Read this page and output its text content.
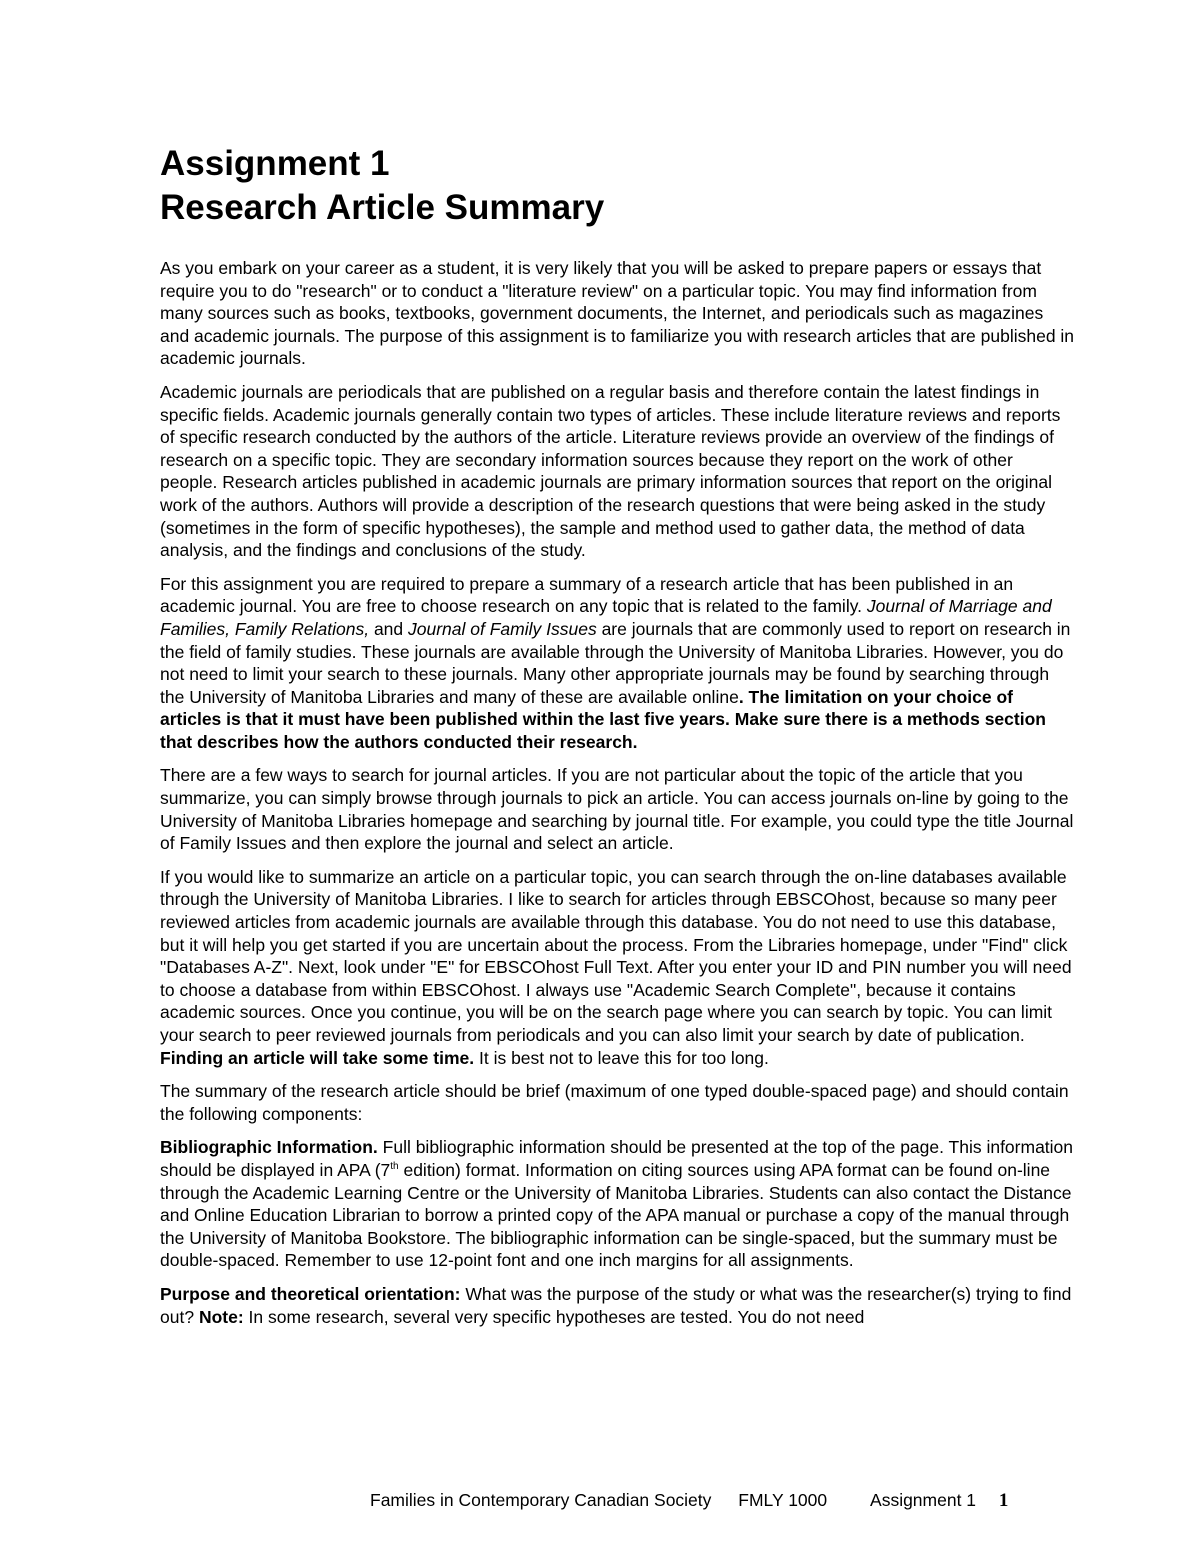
Assignment 1
Research Article Summary

As you embark on your career as a student, it is very likely that you will be asked to prepare papers or essays that require you to do "research" or to conduct a "literature review" on a particular topic. You may find information from many sources such as books, textbooks, government documents, the Internet, and periodicals such as magazines and academic journals. The purpose of this assignment is to familiarize you with research articles that are published in academic journals.

Academic journals are periodicals that are published on a regular basis and therefore contain the latest findings in specific fields. Academic journals generally contain two types of articles. These include literature reviews and reports of specific research conducted by the authors of the article. Literature reviews provide an overview of the findings of research on a specific topic. They are secondary information sources because they report on the work of other people. Research articles published in academic journals are primary information sources that report on the original work of the authors. Authors will provide a description of the research questions that were being asked in the study (sometimes in the form of specific hypotheses), the sample and method used to gather data, the method of data analysis, and the findings and conclusions of the study.

For this assignment you are required to prepare a summary of a research article that has been published in an academic journal. You are free to choose research on any topic that is related to the family. Journal of Marriage and Families, Family Relations, and Journal of Family Issues are journals that are commonly used to report on research in the field of family studies. These journals are available through the University of Manitoba Libraries. However, you do not need to limit your search to these journals. Many other appropriate journals may be found by searching through the University of Manitoba Libraries and many of these are available online. The limitation on your choice of articles is that it must have been published within the last five years. Make sure there is a methods section that describes how the authors conducted their research.

There are a few ways to search for journal articles. If you are not particular about the topic of the article that you summarize, you can simply browse through journals to pick an article. You can access journals on-line by going to the University of Manitoba Libraries homepage and searching by journal title. For example, you could type the title Journal of Family Issues and then explore the journal and select an article.

If you would like to summarize an article on a particular topic, you can search through the on-line databases available through the University of Manitoba Libraries. I like to search for articles through EBSCOhost, because so many peer reviewed articles from academic journals are available through this database. You do not need to use this database, but it will help you get started if you are uncertain about the process. From the Libraries homepage, under "Find" click "Databases A-Z". Next, look under "E" for EBSCOhost Full Text. After you enter your ID and PIN number you will need to choose a database from within EBSCOhost. I always use "Academic Search Complete", because it contains academic sources. Once you continue, you will be on the search page where you can search by topic. You can limit your search to peer reviewed journals from periodicals and you can also limit your search by date of publication. Finding an article will take some time. It is best not to leave this for too long.

The summary of the research article should be brief (maximum of one typed double-spaced page) and should contain the following components:

Bibliographic Information. Full bibliographic information should be presented at the top of the page. This information should be displayed in APA (7th edition) format. Information on citing sources using APA format can be found on-line through the Academic Learning Centre or the University of Manitoba Libraries. Students can also contact the Distance and Online Education Librarian to borrow a printed copy of the APA manual or purchase a copy of the manual through the University of Manitoba Bookstore. The bibliographic information can be single-spaced, but the summary must be double-spaced. Remember to use 12-point font and one inch margins for all assignments.

Purpose and theoretical orientation: What was the purpose of the study or what was the researcher(s) trying to find out? Note: In some research, several very specific hypotheses are tested. You do not need

Families in Contemporary Canadian Society FMLY 1000 Assignment 1 1
